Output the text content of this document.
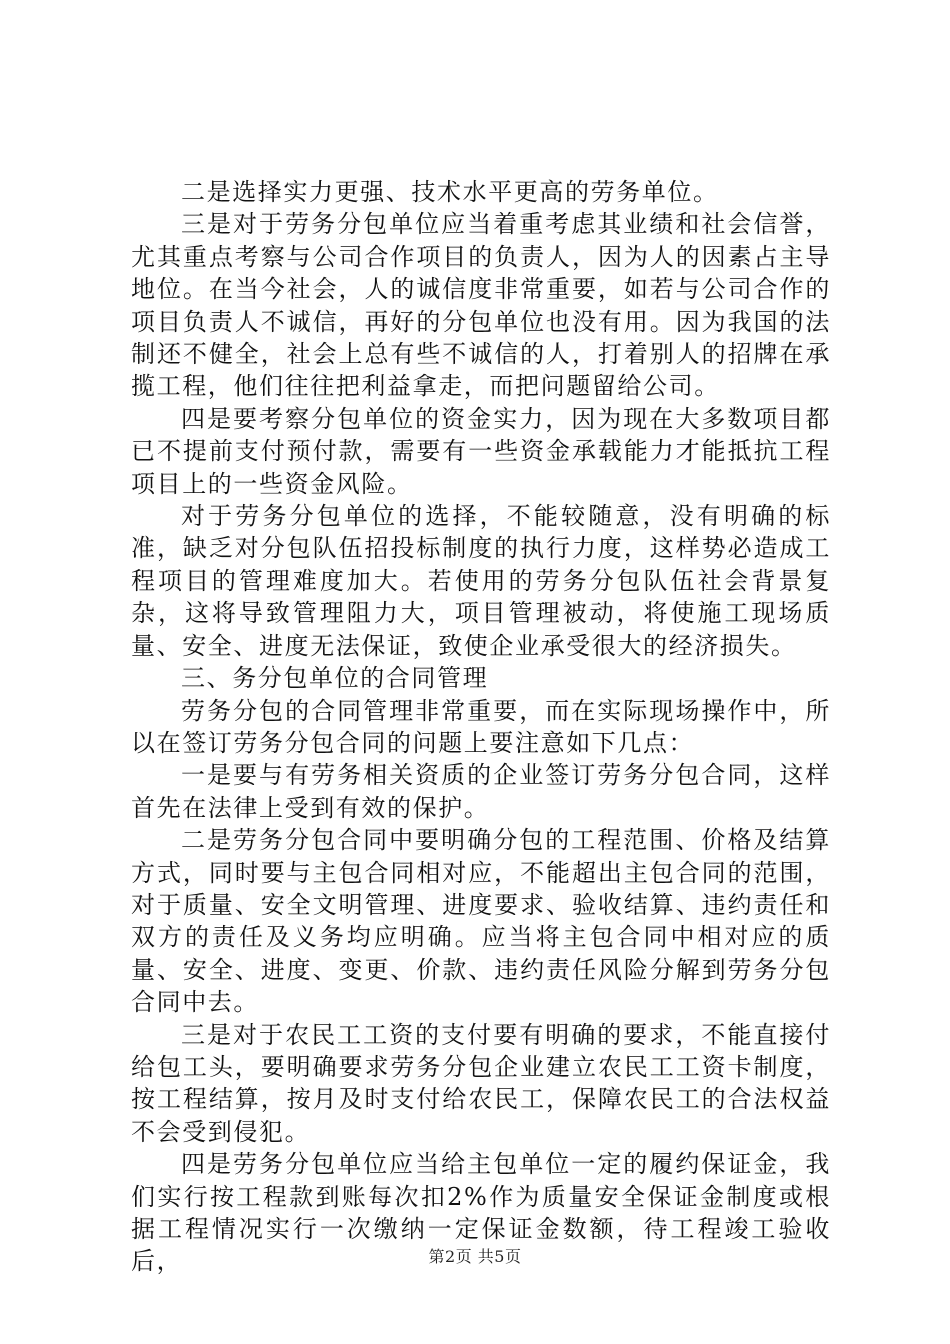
二是选择实力更强、技术水平更高的劳务单位。

三是对于劳务分包单位应当着重考虑其业绩和社会信誉，尤其重点考察与公司合作项目的负责人，因为人的因素占主导地位。在当今社会，人的诚信度非常重要，如若与公司合作的项目负责人不诚信，再好的分包单位也没有用。因为我国的法制还不健全，社会上总有些不诚信的人，打着别人的招牌在承揽工程，他们往往把利益拿走，而把问题留给公司。

四是要考察分包单位的资金实力，因为现在大多数项目都已不提前支付预付款，需要有一些资金承载能力才能抵抗工程项目上的一些资金风险。

对于劳务分包单位的选择，不能较随意，没有明确的标准，缺乏对分包队伍招投标制度的执行力度，这样势必造成工程项目的管理难度加大。若使用的劳务分包队伍社会背景复杂，这将导致管理阻力大，项目管理被动，将使施工现场质量、安全、进度无法保证，致使企业承受很大的经济损失。

三、务分包单位的合同管理

劳务分包的合同管理非常重要，而在实际现场操作中，所以在签订劳务分包合同的问题上要注意如下几点：

一是要与有劳务相关资质的企业签订劳务分包合同，这样首先在法律上受到有效的保护。

二是劳务分包合同中要明确分包的工程范围、价格及结算方式，同时要与主包合同相对应，不能超出主包合同的范围，对于质量、安全文明管理、进度要求、验收结算、违约责任和双方的责任及义务均应明确。应当将主包合同中相对应的质量、安全、进度、变更、价款、违约责任风险分解到劳务分包合同中去。

三是对于农民工工资的支付要有明确的要求，不能直接付给包工头，要明确要求劳务分包企业建立农民工工资卡制度，按工程结算，按月及时支付给农民工，保障农民工的合法权益不会受到侵犯。

四是劳务分包单位应当给主包单位一定的履约保证金，我们实行按工程款到账每次扣2%作为质量安全保证金制度或根据工程情况实行一次缴纳一定保证金数额，待工程竣工验收后，	第2页 共5页
